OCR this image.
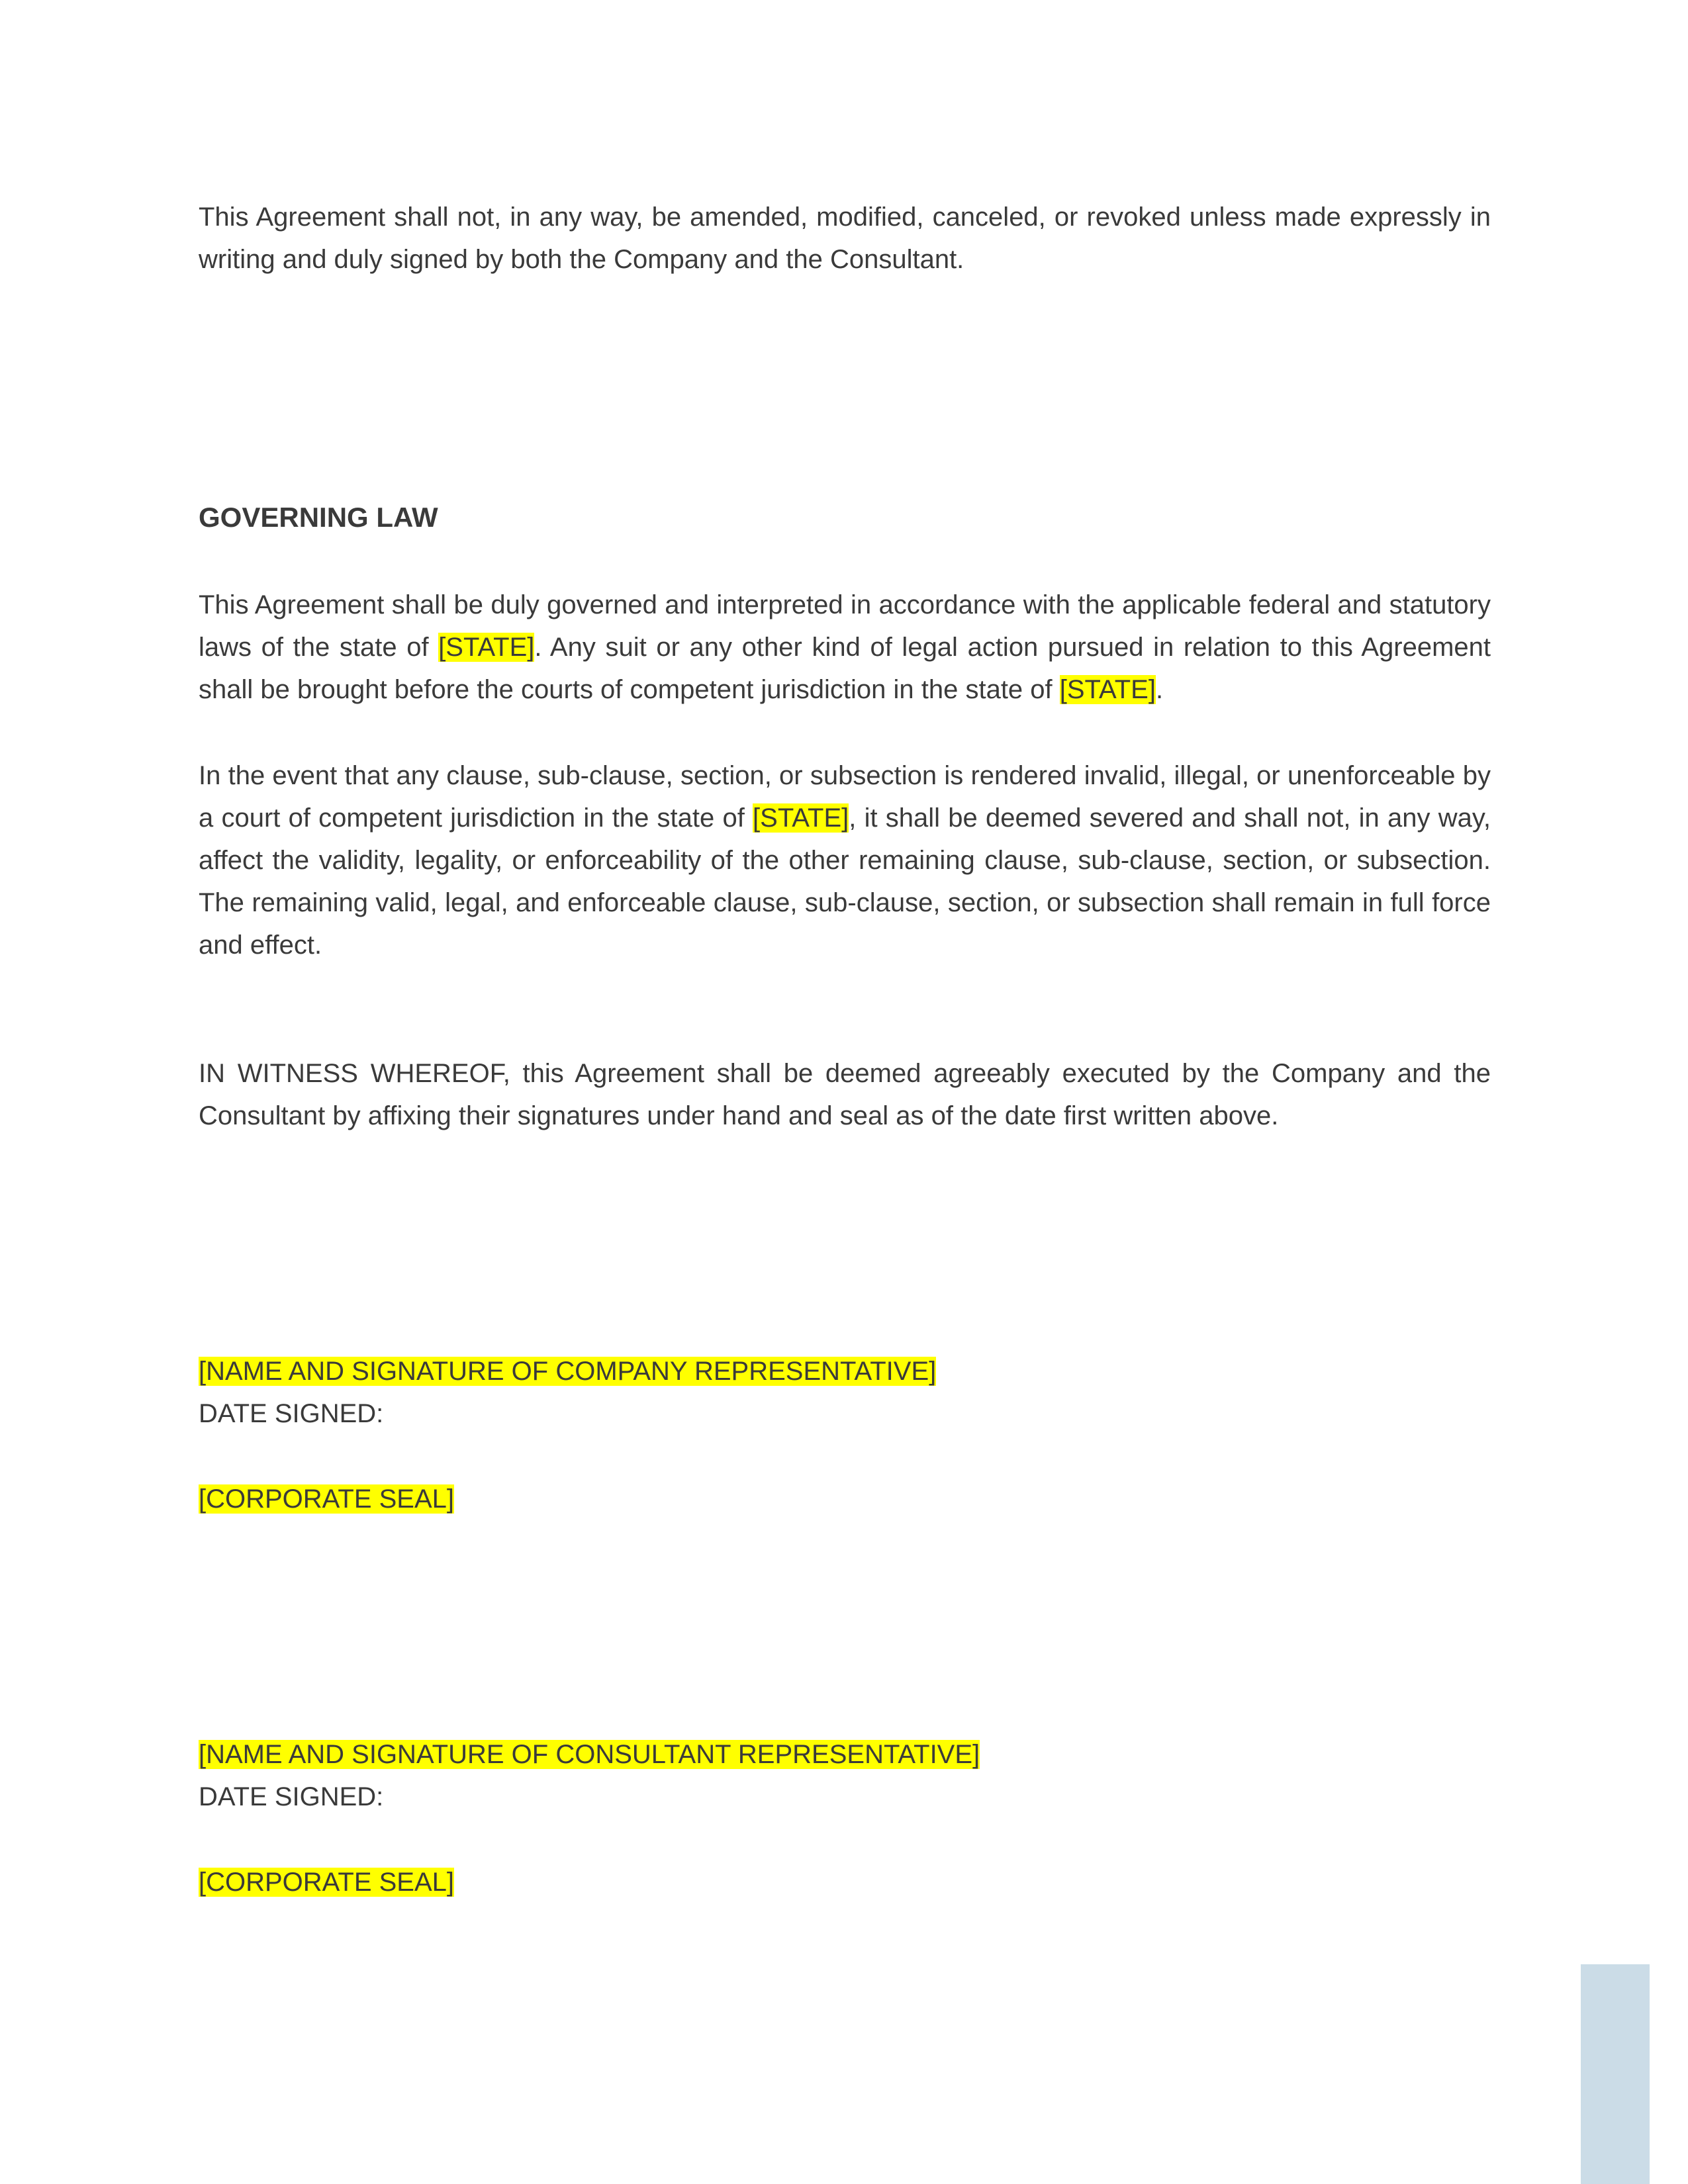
This Agreement shall not, in any way, be amended, modified, canceled, or revoked unless made expressly in writing and duly signed by both the Company and the Consultant.

GOVERNING LAW

This Agreement shall be duly governed and interpreted in accordance with the applicable federal and statutory laws of the state of [STATE]. Any suit or any other kind of legal action pursued in relation to this Agreement shall be brought before the courts of competent jurisdiction in the state of [STATE].

In the event that any clause, sub-clause, section, or subsection is rendered invalid, illegal, or unenforceable by a court of competent jurisdiction in the state of [STATE], it shall be deemed severed and shall not, in any way, affect the validity, legality, or enforceability of the other remaining clause, sub-clause, section, or subsection. The remaining valid, legal, and enforceable clause, sub-clause, section, or subsection shall remain in full force and effect.

IN WITNESS WHEREOF, this Agreement shall be deemed agreeably executed by the Company and the Consultant by affixing their signatures under hand and seal as of the date first written above.

[NAME AND SIGNATURE OF COMPANY REPRESENTATIVE]
DATE SIGNED:
[CORPORATE SEAL]
[NAME AND SIGNATURE OF CONSULTANT REPRESENTATIVE]
DATE SIGNED:
[CORPORATE SEAL]
